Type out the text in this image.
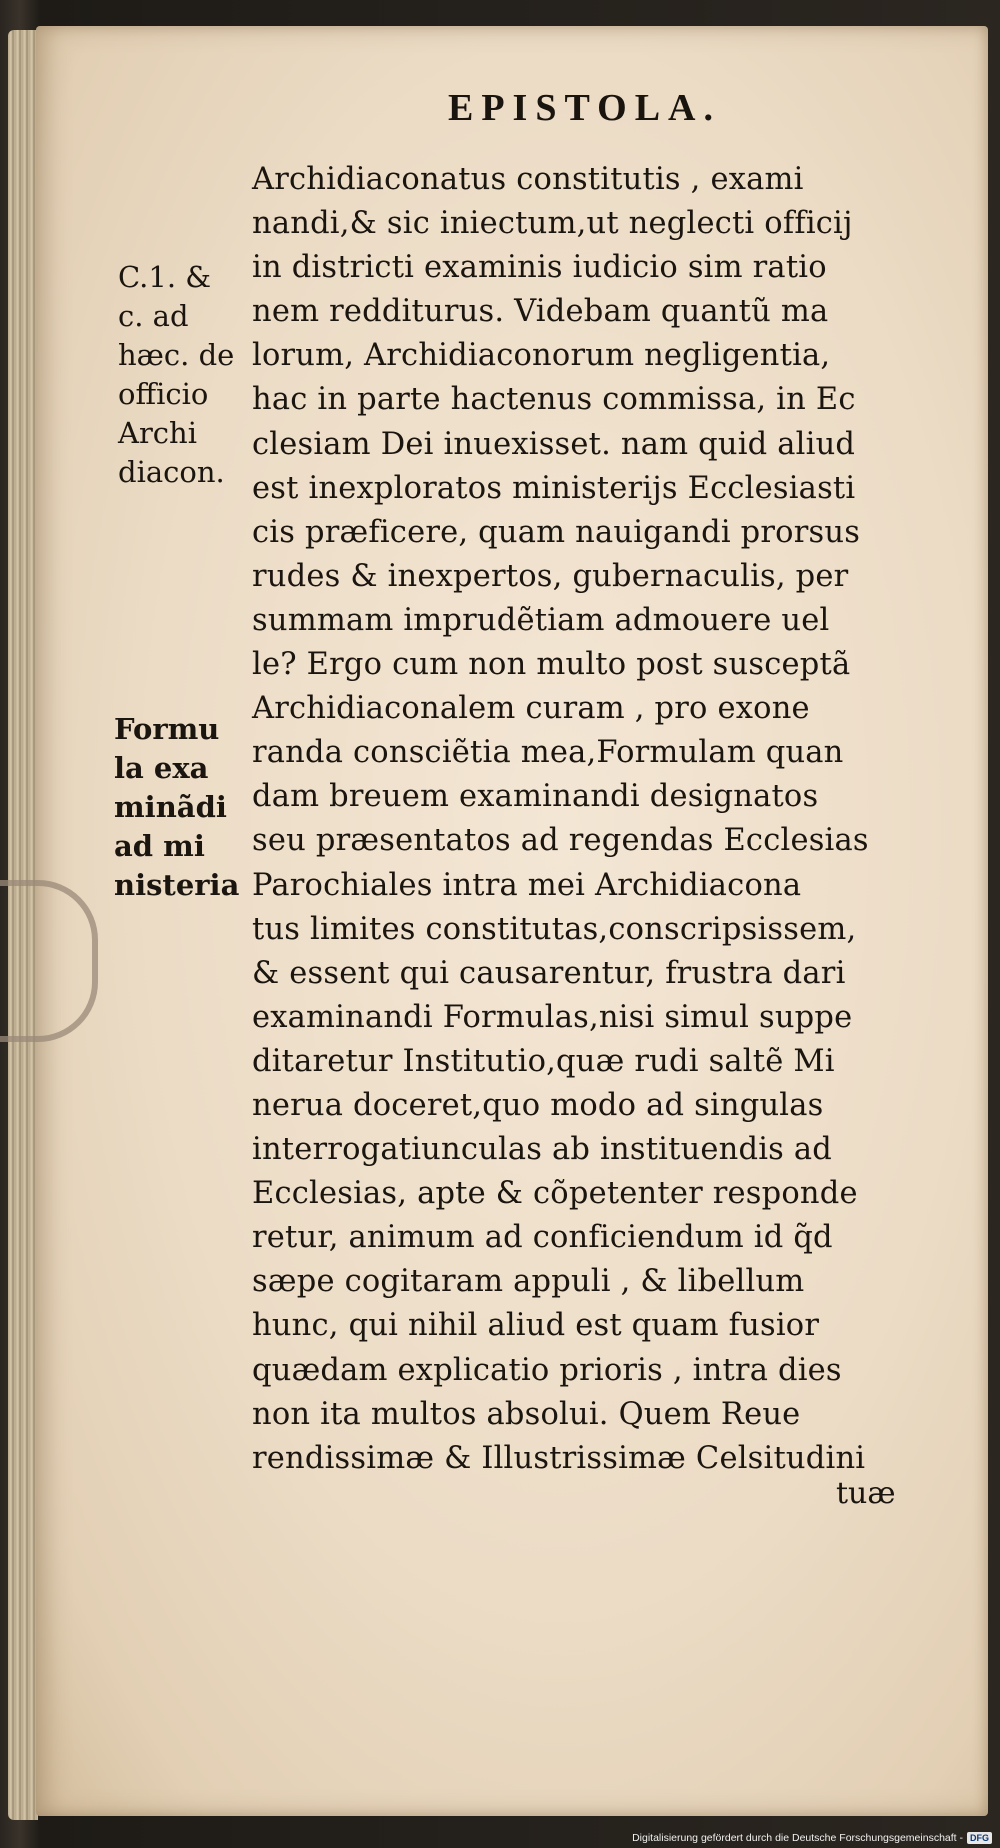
EPISTOLA.
C.1. &
c. ad
hæc. de
officio
Archi
diacon.
Formu
la exa
minãdi
ad mi
nisteria
Archidiaconatus constitutis , exami
nandi,& sic iniectum,ut neglecti officij
in districti examinis iudicio sim ratio
nem redditurus. Videbam quantũ ma
lorum, Archidiaconorum negligentia,
hac in parte hactenus commissa, in Ec
clesiam Dei inuexisset. nam quid aliud
est inexploratos ministerijs Ecclesiasti
cis præficere, quam nauigandi prorsus
rudes & inexpertos, gubernaculis, per
summam imprudẽtiam admouere uel
le? Ergo cum non multo post susceptã
Archidiaconalem curam , pro exone
randa consciẽtia mea,Formulam quan
dam breuem examinandi designatos
seu præsentatos ad regendas Ecclesias
Parochiales intra mei Archidiacona
tus limites constitutas,conscripsissem,
& essent qui causarentur, frustra dari
examinandi Formulas,nisi simul suppe
ditaretur Institutio,quæ rudi saltẽ Mi
nerua doceret,quo modo ad singulas
interrogatiunculas ab instituendis ad
Ecclesias, apte & cõpetenter responde
retur, animum ad conficiendum id q̃d
sæpe cogitaram appuli , & libellum
hunc, qui nihil aliud est quam fusior
quædam explicatio prioris , intra dies
non ita multos absolui. Quem Reue
rendissimæ & Illustrissimæ Celsitudini
tuæ
Digitalisierung gefördert durch die Deutsche Forschungsgemeinschaft - DFG
